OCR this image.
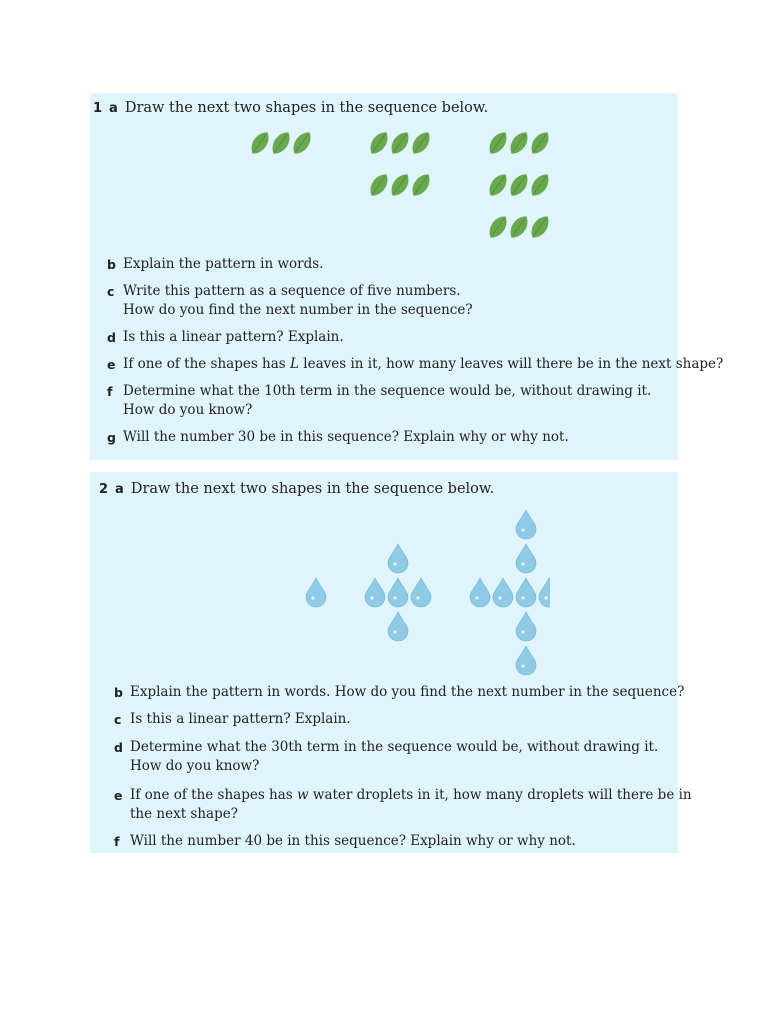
1 a Draw the next two shapes in the sequence below.
b Explain the pattern in words.
c Write this pattern as a sequence of five numbers.
How do you find the next number in the sequence?
d Is this a linear pattern? Explain.
e If one of the shapes has L leaves in it, how many leaves will there be in the next shape?
f Determine what the 10th term in the sequence would be, without drawing it.
How do you know?
g Will the number 30 be in this sequence? Explain why or why not.
2 a Draw the next two shapes in the sequence below.
b Explain the pattern in words. How do you find the next number in the sequence?
c Is this a linear pattern? Explain.
d Determine what the 30th term in the sequence would be, without drawing it.
How do you know?
e If one of the shapes has w water droplets in it, how many droplets will there be in
the next shape?
f Will the number 40 be in this sequence? Explain why or why not.
